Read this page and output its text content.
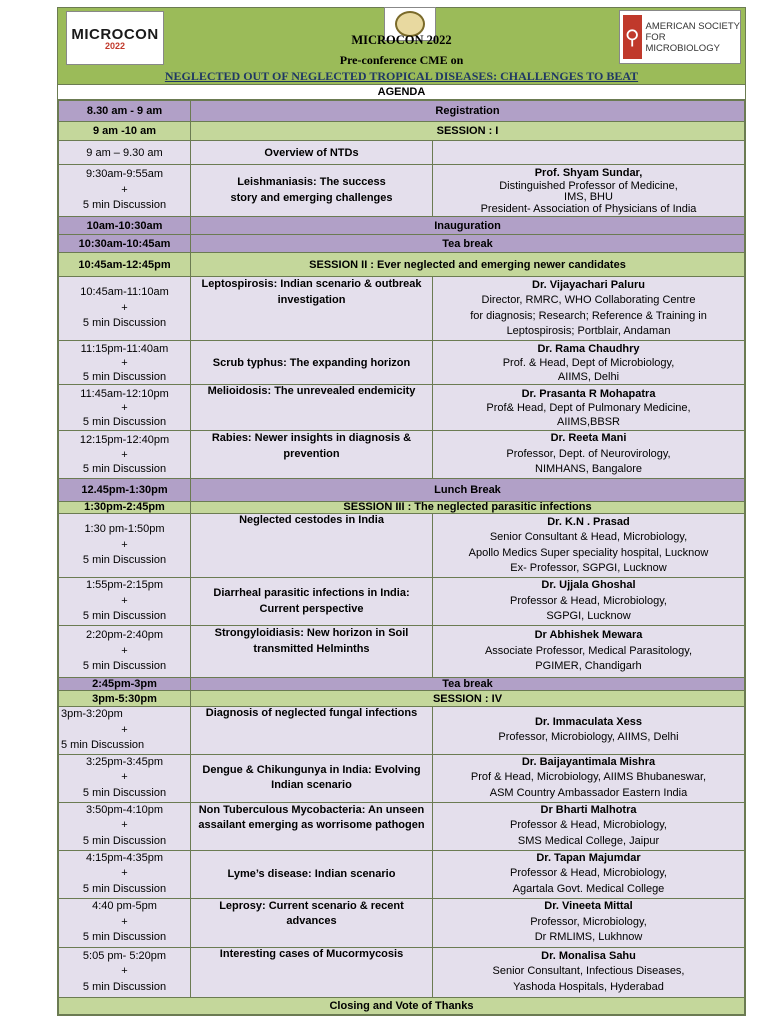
MICROCON
2022	⚲
AMERICAN SOCIETY FOR MICROBIOLOGY
MICROCON 2022
Pre-conference CME on
NEGLECTED OUT OF NEGLECTED TROPICAL DISEASES: CHALLENGES TO BEAT
AGENDA
8.30 am - 9 am	Registration	
9 am -10 am	SESSION : I	
9 am – 9.30 am	Overview of NTDs	

9:30am-9:55am
+
5 min Discussion	Leishmaniasis: The success
story and emerging challenges	Prof. Shyam Sundar,
Distinguished Professor of Medicine,
IMS, BHU
President- Association of Physicians of India

10am-10:30am	Inauguration	
10:30am-10:45am	Tea break	
10:45am-12:45pm	SESSION II : Ever neglected and emerging newer candidates	

10:45am-11:10am
+
5 min Discussion	Leptospirosis: Indian scenario & outbreak
investigation	Dr. Vijayachari Paluru
Director, RMRC, WHO Collaborating Centre
for diagnosis; Research; Reference & Training in
Leptospirosis; Portblair, Andaman

11:15pm-11:40am
+
5 min Discussion	Scrub typhus: The expanding horizon	Dr. Rama Chaudhry
Prof. & Head, Dept of Microbiology,
AIIMS, Delhi

11:45am-12:10pm
+
5 min Discussion	Melioidosis: The unrevealed endemicity	Dr. Prasanta R Mohapatra
Prof& Head, Dept of Pulmonary Medicine,
AIIMS,BBSR

12:15pm-12:40pm
+
5 min Discussion	Rabies: Newer insights in diagnosis &
prevention	Dr. Reeta Mani
Professor, Dept. of Neurovirology,
NIMHANS, Bangalore

12.45pm-1:30pm	Lunch Break	
1:30pm-2:45pm	SESSION III : The neglected parasitic infections	

1:30 pm-1:50pm
+
5 min Discussion	Neglected cestodes in India	Dr. K.N . Prasad
Senior Consultant & Head, Microbiology,
Apollo Medics Super speciality hospital, Lucknow
Ex- Professor, SGPGI, Lucknow

1:55pm-2:15pm
+
5 min Discussion	Diarrheal parasitic infections in India:
Current perspective	Dr. Ujjala Ghoshal
Professor & Head, Microbiology,
SGPGI, Lucknow

2:20pm-2:40pm
+
5 min Discussion	Strongyloidiasis: New horizon in Soil
transmitted Helminths	Dr Abhishek Mewara
Associate Professor, Medical Parasitology,
PGIMER, Chandigarh

2:45pm-3pm	Tea break	
3pm-5:30pm	SESSION : IV	

3pm-3:20pm
+
5 min Discussion	Diagnosis of neglected fungal infections	Dr. Immaculata Xess
Professor, Microbiology, AIIMS, Delhi

3:25pm-3:45pm
+
5 min Discussion	Dengue & Chikungunya in India: Evolving
Indian scenario	Dr. Baijayantimala Mishra
Prof & Head, Microbiology, AIIMS Bhubaneswar,
ASM Country Ambassador Eastern India

3:50pm-4:10pm
+
5 min Discussion	Non Tuberculous Mycobacteria: An unseen
assailant emerging as worrisome pathogen	Dr Bharti Malhotra
Professor & Head, Microbiology,
SMS Medical College, Jaipur

4:15pm-4:35pm
+
5 min Discussion	Lyme’s disease: Indian scenario	Dr. Tapan Majumdar
Professor & Head, Microbiology,
Agartala Govt. Medical College

4:40 pm-5pm
+
5 min Discussion	Leprosy: Current scenario & recent
advances	Dr. Vineeta Mittal
Professor, Microbiology,
Dr RMLIMS, Lukhnow

5:05 pm- 5:20pm
+
5 min Discussion	Interesting cases of Mucormycosis	Dr. Monalisa Sahu
Senior Consultant, Infectious Diseases,
Yashoda Hospitals, Hyderabad

Closing and Vote of Thanks		
